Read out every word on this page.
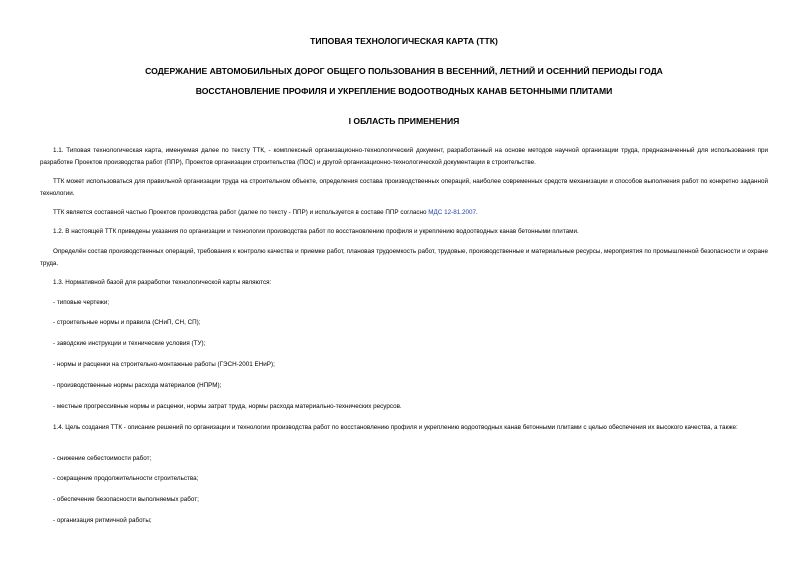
ТИПОВАЯ ТЕХНОЛОГИЧЕСКАЯ КАРТА (ТТК)
СОДЕРЖАНИЕ АВТОМОБИЛЬНЫХ ДОРОГ ОБЩЕГО ПОЛЬЗОВАНИЯ В ВЕСЕННИЙ, ЛЕТНИЙ И ОСЕННИЙ ПЕРИОДЫ ГОДА
ВОССТАНОВЛЕНИЕ ПРОФИЛЯ И УКРЕПЛЕНИЕ ВОДООТВОДНЫХ КАНАВ БЕТОННЫМИ ПЛИТАМИ
I ОБЛАСТЬ ПРИМЕНЕНИЯ

1.1. Типовая технологическая карта, именуемая далее по тексту ТТК, - комплексный организационно-технологический документ, разработанный на основе методов научной организации труда, предназначенный для использования при разработке Проектов производства работ (ППР), Проектов организации строительства (ПОС) и другой организационно-технологической документации в строительстве.

ТТК может использоваться для правильной организации труда на строительном объекте, определения состава производственных операций, наиболее современных средств механизации и способов выполнения работ по конкретно заданной технологии.

ТТК является составной частью Проектов производства работ (далее по тексту - ППР) и используется в составе ППР согласно МДС 12-81.2007.

1.2. В настоящей ТТК приведены указания по организации и технологии производства работ по восстановлению профиля и укреплению водоотводных канав бетонными плитами.

Определён состав производственных операций, требования к контролю качества и приемке работ, плановая трудоемкость работ, трудовые, производственные и материальные ресурсы, мероприятия по промышленной безопасности и охране труда.

1.3. Нормативной базой для разработки технологической карты являются:

- типовые чертежи;

- строительные нормы и правила (СНиП, СН, СП);

- заводские инструкции и технические условия (ТУ);

- нормы и расценки на строительно-монтажные работы (ГЭСН-2001 ЕНиР);

- производственные нормы расхода материалов (НПРМ);

- местные прогрессивные нормы и расценки, нормы затрат труда, нормы расхода материально-технических ресурсов.

1.4. Цель создания ТТК - описание решений по организации и технологии производства работ по восстановлению профиля и укреплению водоотводных канав бетонными плитами с целью обеспечения их высокого качества, а также:

- снижение себестоимости работ;

- сокращение продолжительности строительства;

- обеспечение безопасности выполняемых работ;

- организация ритмичной работы;
